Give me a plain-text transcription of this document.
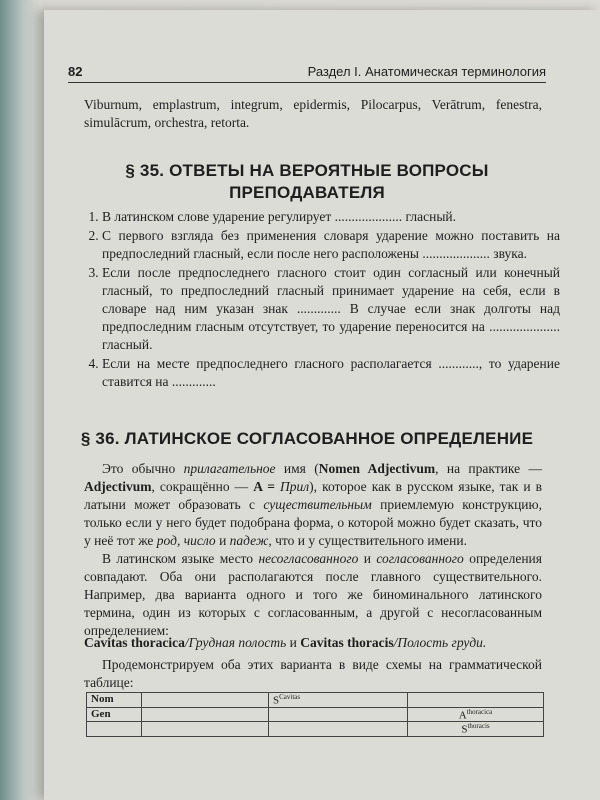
82	Раздел I. Анатомическая терминология
Viburnum, emplastrum, integrum, epidermis, Pilocarpus, Verātrum, fenestra, simulācrum, orchestra, retorta.
§ 35. ОТВЕТЫ НА ВЕРОЯТНЫЕ ВОПРОСЫ
ПРЕПОДАВАТЕЛЯ
1. В латинском слове ударение регулирует .................... гласный.
2. С первого взгляда без применения словаря ударение можно поставить на предпоследний гласный, если после него расположены .................... звука.
3. Если после предпоследнего гласного стоит один согласный или конечный гласный, то предпоследний гласный принимает ударение на себя, если в словаре над ним указан знак ............. В случае если знак долготы над предпоследним гласным отсутствует, то ударение переносится на ..................... гласный.
4. Если на месте предпоследнего гласного располагается ............, то ударение ставится на .............
§ 36. ЛАТИНСКОЕ СОГЛАСОВАННОЕ ОПРЕДЕЛЕНИЕ
Это обычно прилагательное имя (Nomen Adjectivum, на практике — Adjectivum, сокращённо — A = Прил), которое как в русском языке, так и в латыни может образовать с существительным приемлемую конструкцию, только если у него будет подобрана форма, о которой можно будет сказать, что у неё тот же род, число и падеж, что и у существительного имени.
В латинском языке место несогласованного и согласованного определения совпадают. Оба они располагаются после главного существительного. Например, два варианта одного и того же биноминального латинского термина, один из которых с согласованным, а другой с несогласованным определением:
Cavitas thoracica/Грудная полость и Cavitas thoracis/Полость груди.
Продемонстрируем оба этих варианта в виде схемы на грамматической таблице:
Nom		$S^{Cavitas}$	
Gen			$A^{thoracica}$
			$S^{thoracis}$
